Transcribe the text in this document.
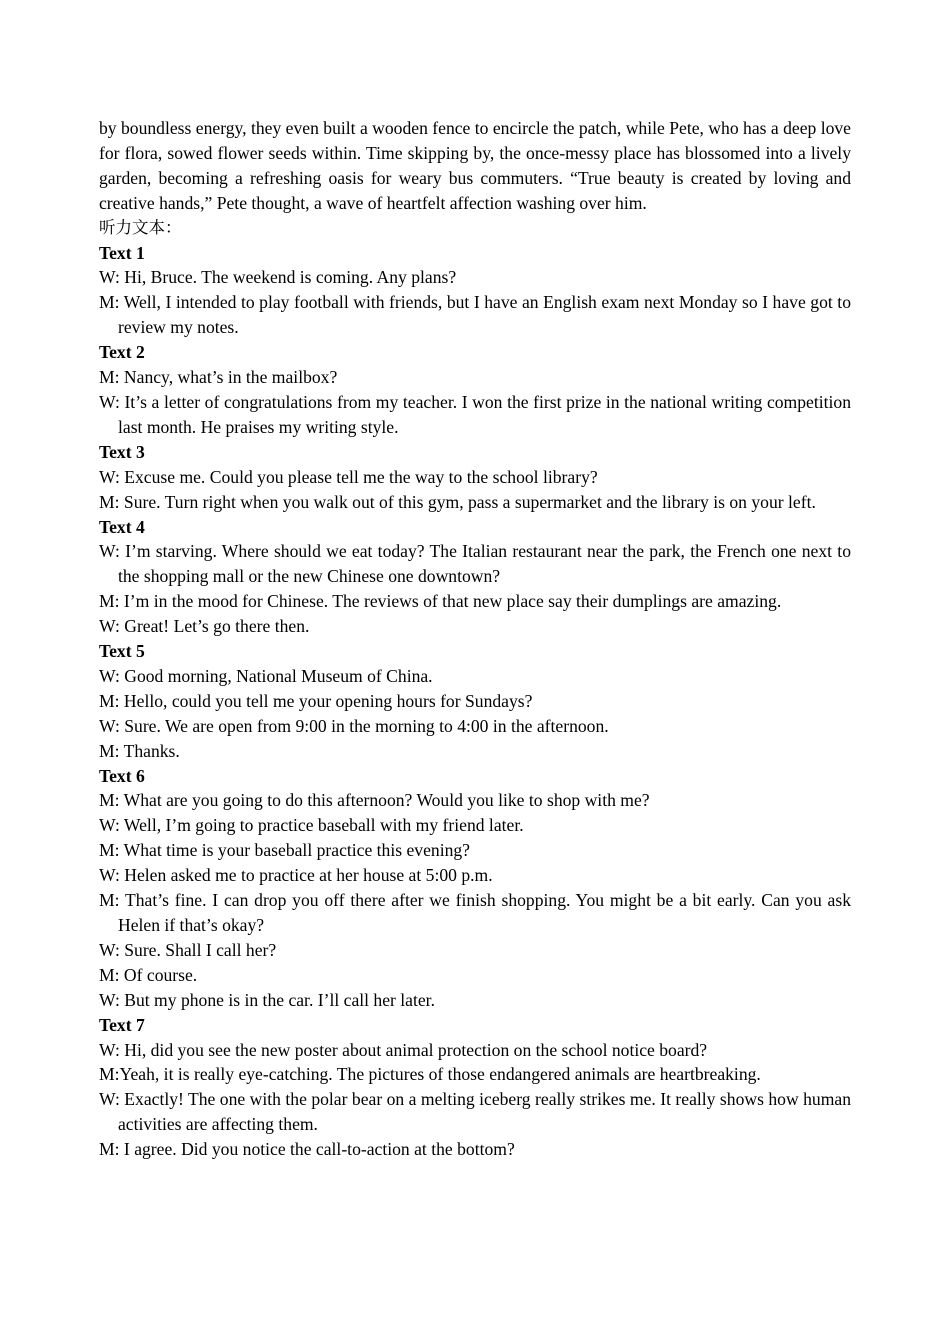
by boundless energy, they even built a wooden fence to encircle the patch, while Pete, who has a deep love for flora, sowed flower seeds within. Time skipping by, the once-messy place has blossomed into a lively garden, becoming a refreshing oasis for weary bus commuters. “True beauty is created by loving and creative hands,” Pete thought, a wave of heartfelt affection washing over him.

听力文本：

Text 1

W: Hi, Bruce. The weekend is coming. Any plans?

M: Well, I intended to play football with friends, but I have an English exam next Monday so I have got to review my notes.

Text 2

M: Nancy, what’s in the mailbox?

W: It’s a letter of congratulations from my teacher. I won the first prize in the national writing competition last month. He praises my writing style.

Text 3

W: Excuse me. Could you please tell me the way to the school library?

M: Sure. Turn right when you walk out of this gym, pass a supermarket and the library is on your left.

Text 4

W: I’m starving. Where should we eat today? The Italian restaurant near the park, the French one next to the shopping mall or the new Chinese one downtown?

M: I’m in the mood for Chinese. The reviews of that new place say their dumplings are amazing.

W: Great! Let’s go there then.

Text 5

W: Good morning, National Museum of China.

M: Hello, could you tell me your opening hours for Sundays?

W: Sure. We are open from 9:00 in the morning to 4:00 in the afternoon.

M: Thanks.

Text 6

M: What are you going to do this afternoon? Would you like to shop with me?

W: Well, I’m going to practice baseball with my friend later.

M: What time is your baseball practice this evening?

W: Helen asked me to practice at her house at 5:00 p.m.

M: That’s fine. I can drop you off there after we finish shopping. You might be a bit early. Can you ask Helen if that’s okay?

W: Sure. Shall I call her?

M: Of course.

W: But my phone is in the car. I’ll call her later.

Text 7

W: Hi, did you see the new poster about animal protection on the school notice board?

M:Yeah, it is really eye-catching. The pictures of those endangered animals are heartbreaking.

W: Exactly! The one with the polar bear on a melting iceberg really strikes me. It really shows how human activities are affecting them.

M: I agree. Did you notice the call-to-action at the bottom?
